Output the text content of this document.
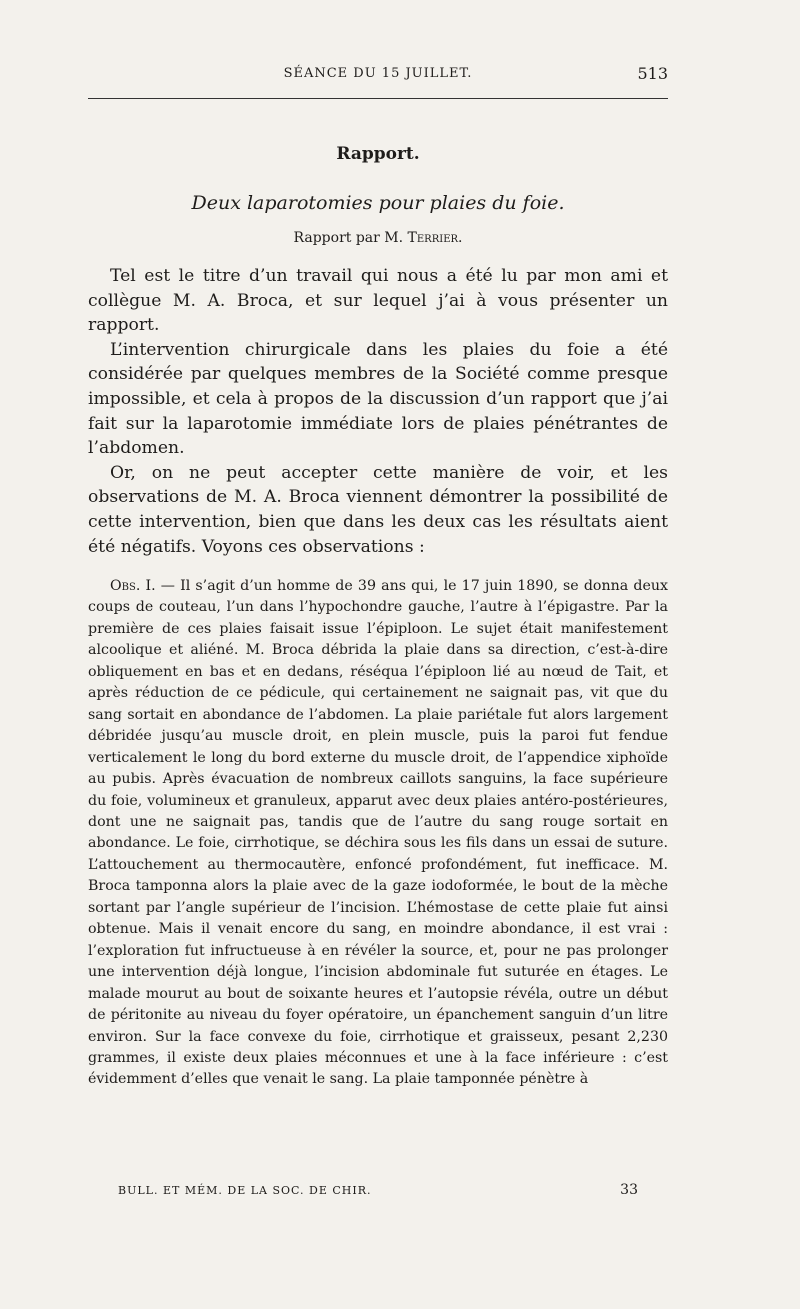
SÉANCE DU 15 JUILLET.	513
Rapport.
Deux laparotomies pour plaies du foie.
Rapport par M. Terrier.

Tel est le titre d’un travail qui nous a été lu par mon ami et collègue M. A. Broca, et sur lequel j’ai à vous présenter un rapport.

L’intervention chirurgicale dans les plaies du foie a été considérée par quelques membres de la Société comme presque impossible, et cela à propos de la discussion d’un rapport que j’ai fait sur la laparotomie immédiate lors de plaies pénétrantes de l’abdomen.

Or, on ne peut accepter cette manière de voir, et les observations de M. A. Broca viennent démontrer la possibilité de cette intervention, bien que dans les deux cas les résultats aient été négatifs. Voyons ces observations :

Obs. I. — Il s’agit d’un homme de 39 ans qui, le 17 juin 1890, se donna deux coups de couteau, l’un dans l’hypochondre gauche, l’autre à l’épigastre. Par la première de ces plaies faisait issue l’épiploon. Le sujet était manifestement alcoolique et aliéné. M. Broca débrida la plaie dans sa direction, c’est-à-dire obliquement en bas et en dedans, réséqua l’épiploon lié au nœud de Tait, et après réduction de ce pédicule, qui certainement ne saignait pas, vit que du sang sortait en abondance de l’abdomen. La plaie pariétale fut alors largement débridée jusqu’au muscle droit, en plein muscle, puis la paroi fut fendue verticalement le long du bord externe du muscle droit, de l’appendice xiphoïde au pubis. Après évacuation de nombreux caillots sanguins, la face supérieure du foie, volumineux et granuleux, apparut avec deux plaies antéro-postérieures, dont une ne saignait pas, tandis que de l’autre du sang rouge sortait en abondance. Le foie, cirrhotique, se déchira sous les fils dans un essai de suture. L’attouchement au thermocautère, enfoncé profondément, fut inefficace. M. Broca tamponna alors la plaie avec de la gaze iodoformée, le bout de la mèche sortant par l’angle supérieur de l’incision. L’hémostase de cette plaie fut ainsi obtenue. Mais il venait encore du sang, en moindre abondance, il est vrai : l’exploration fut infructueuse à en révéler la source, et, pour ne pas prolonger une intervention déjà longue, l’incision abdominale fut suturée en étages. Le malade mourut au bout de soixante heures et l’autopsie révéla, outre un début de péritonite au niveau du foyer opératoire, un épanchement sanguin d’un litre environ. Sur la face convexe du foie, cirrhotique et graisseux, pesant 2,230 grammes, il existe deux plaies méconnues et une à la face inférieure : c’est évidemment d’elles que venait le sang. La plaie tamponnée pénètre à

BULL. ET MÉM. DE LA SOC. DE CHIR.	33
